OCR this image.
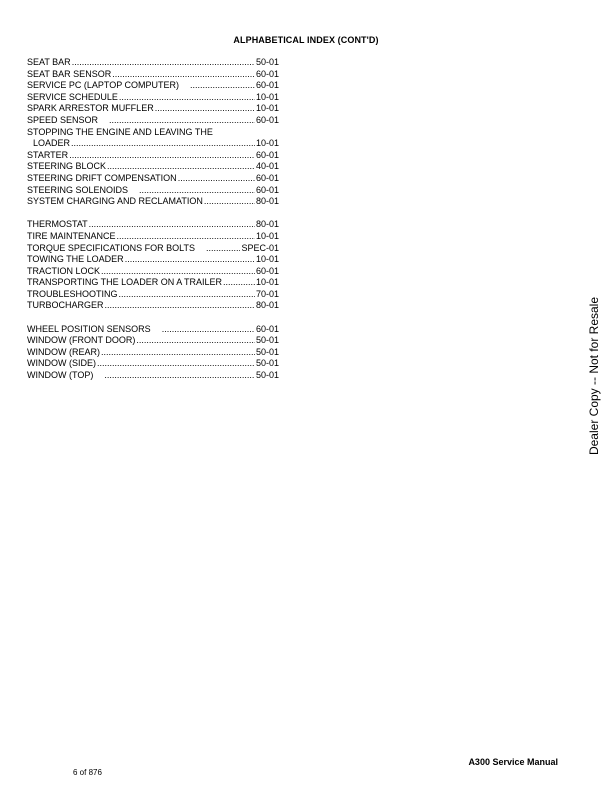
ALPHABETICAL INDEX (CONT'D)
SEAT BAR .....	50-01
SEAT BAR SENSOR .....	60-01
SERVICE PC (LAPTOP COMPUTER) .....	60-01
SERVICE SCHEDULE .....	10-01
SPARK ARRESTOR MUFFLER .....	10-01
SPEED SENSOR .....	60-01
STOPPING THE ENGINE AND LEAVING THE
LOADER .....	10-01
STARTER .....	60-01
STEERING BLOCK .....	40-01
STEERING DRIFT COMPENSATION .....	60-01
STEERING SOLENOIDS .....	60-01
SYSTEM CHARGING AND RECLAMATION .....	80-01
THERMOSTAT .....	80-01
TIRE MAINTENANCE .....	10-01
TORQUE SPECIFICATIONS FOR BOLTS .....	SPEC-01
TOWING THE LOADER .....	10-01
TRACTION LOCK .....	60-01
TRANSPORTING THE LOADER ON A TRAILER .....	10-01
TROUBLESHOOTING .....	70-01
TURBOCHARGER .....	80-01
WHEEL POSITION SENSORS .....	60-01
WINDOW (FRONT DOOR) .....	50-01
WINDOW (REAR) .....	50-01
WINDOW (SIDE) .....	50-01
WINDOW (TOP) .....	50-01	Dealer Copy -- Not for Resale
A300 Service Manual
6 of 876
